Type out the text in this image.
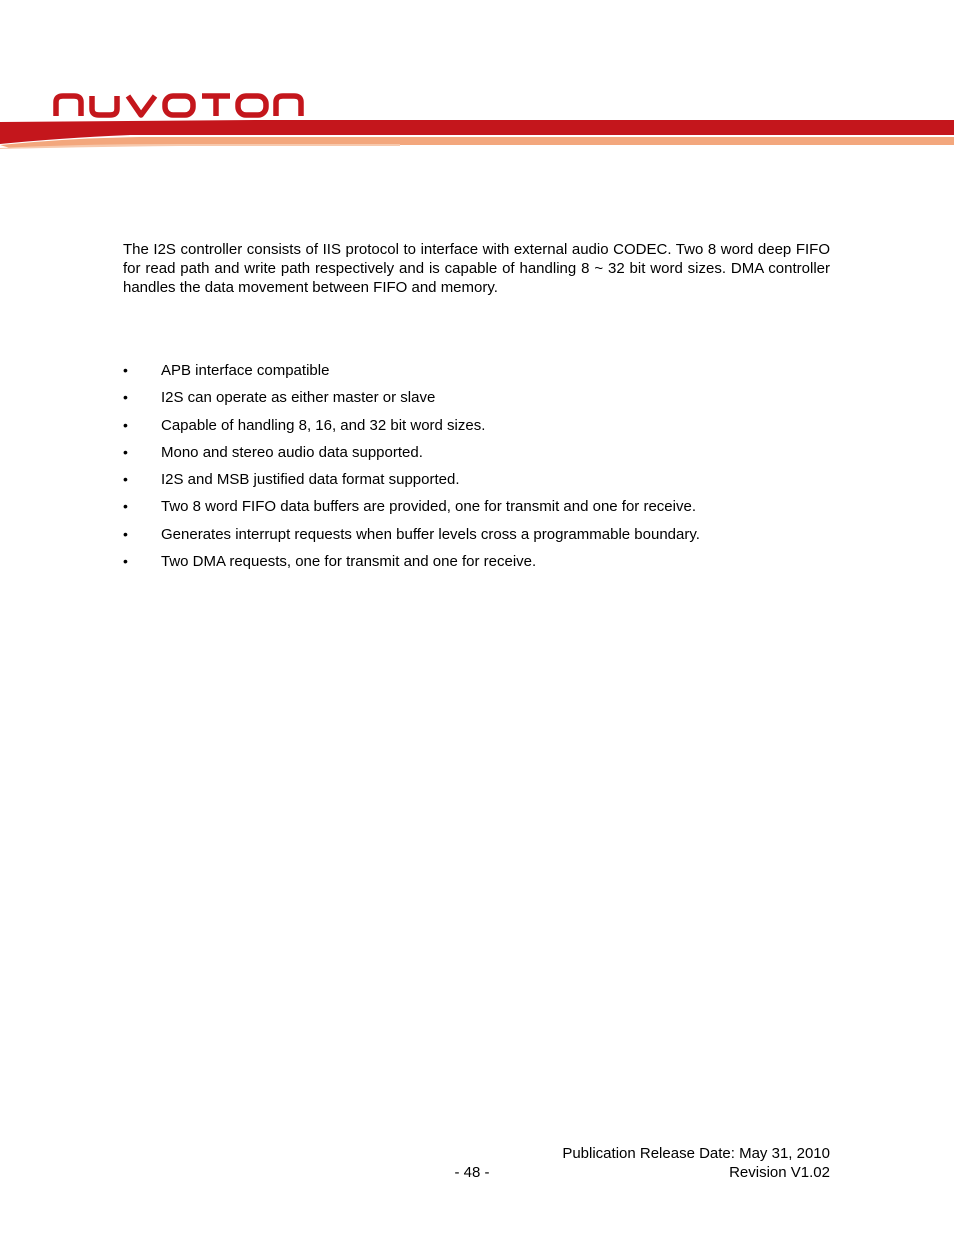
The I2S controller consists of IIS protocol to interface with external audio CODEC. Two 8 word deep FIFO for read path and write path respectively and is capable of handling 8 ~ 32 bit word sizes. DMA controller handles the data movement between FIFO and memory.

•	APB interface compatible
•	I2S can operate as either master or slave
•	Capable of handling 8, 16, and 32 bit word sizes.
•	Mono and stereo audio data supported.
•	I2S and MSB justified data format supported.
•	Two 8 word FIFO data buffers are provided, one for transmit and one for receive.
•	Generates interrupt requests when buffer levels cross a programmable boundary.
•	Two DMA requests, one for transmit and one for receive.
Publication Release Date: May 31, 2010
- 48 -	Revision V1.02
